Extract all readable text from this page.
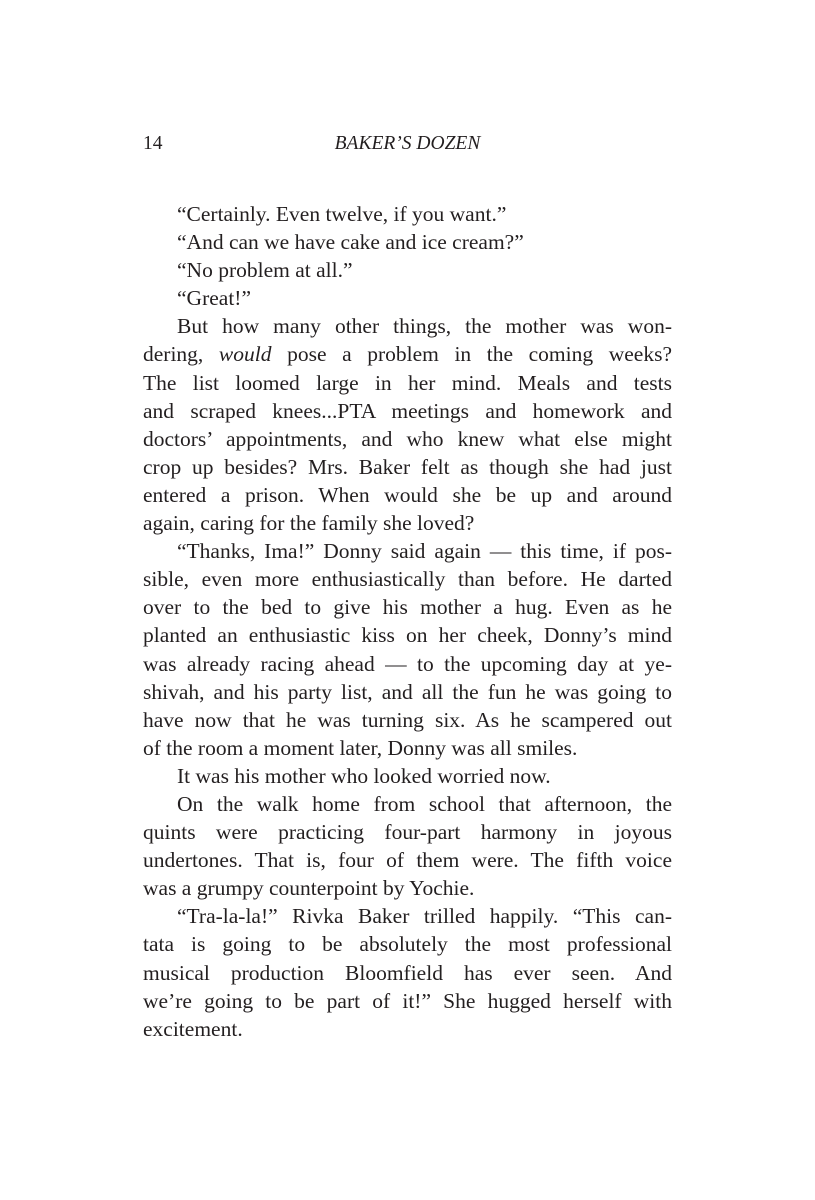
14	BAKER’S DOZEN
“Certainly. Even twelve, if you want.”
“And can we have cake and ice cream?”
“No problem at all.”
“Great!”
But how many other things, the mother was won-
dering, would pose a problem in the coming weeks?
The list loomed large in her mind. Meals and tests
and scraped knees...PTA meetings and homework and
doctors’ appointments, and who knew what else might
crop up besides? Mrs. Baker felt as though she had just
entered a prison. When would she be up and around
again, caring for the family she loved?
“Thanks, Ima!” Donny said again — this time, if pos-
sible, even more enthusiastically than before. He darted
over to the bed to give his mother a hug. Even as he
planted an enthusiastic kiss on her cheek, Donny’s mind
was already racing ahead — to the upcoming day at ye-
shivah, and his party list, and all the fun he was going to
have now that he was turning six. As he scampered out
of the room a moment later, Donny was all smiles.
It was his mother who looked worried now.
On the walk home from school that afternoon, the
quints were practicing four-part harmony in joyous
undertones. That is, four of them were. The fifth voice
was a grumpy counterpoint by Yochie.
“Tra-la-la!” Rivka Baker trilled happily. “This can-
tata is going to be absolutely the most professional
musical production Bloomfield has ever seen. And
we’re going to be part of it!” She hugged herself with
excitement.
